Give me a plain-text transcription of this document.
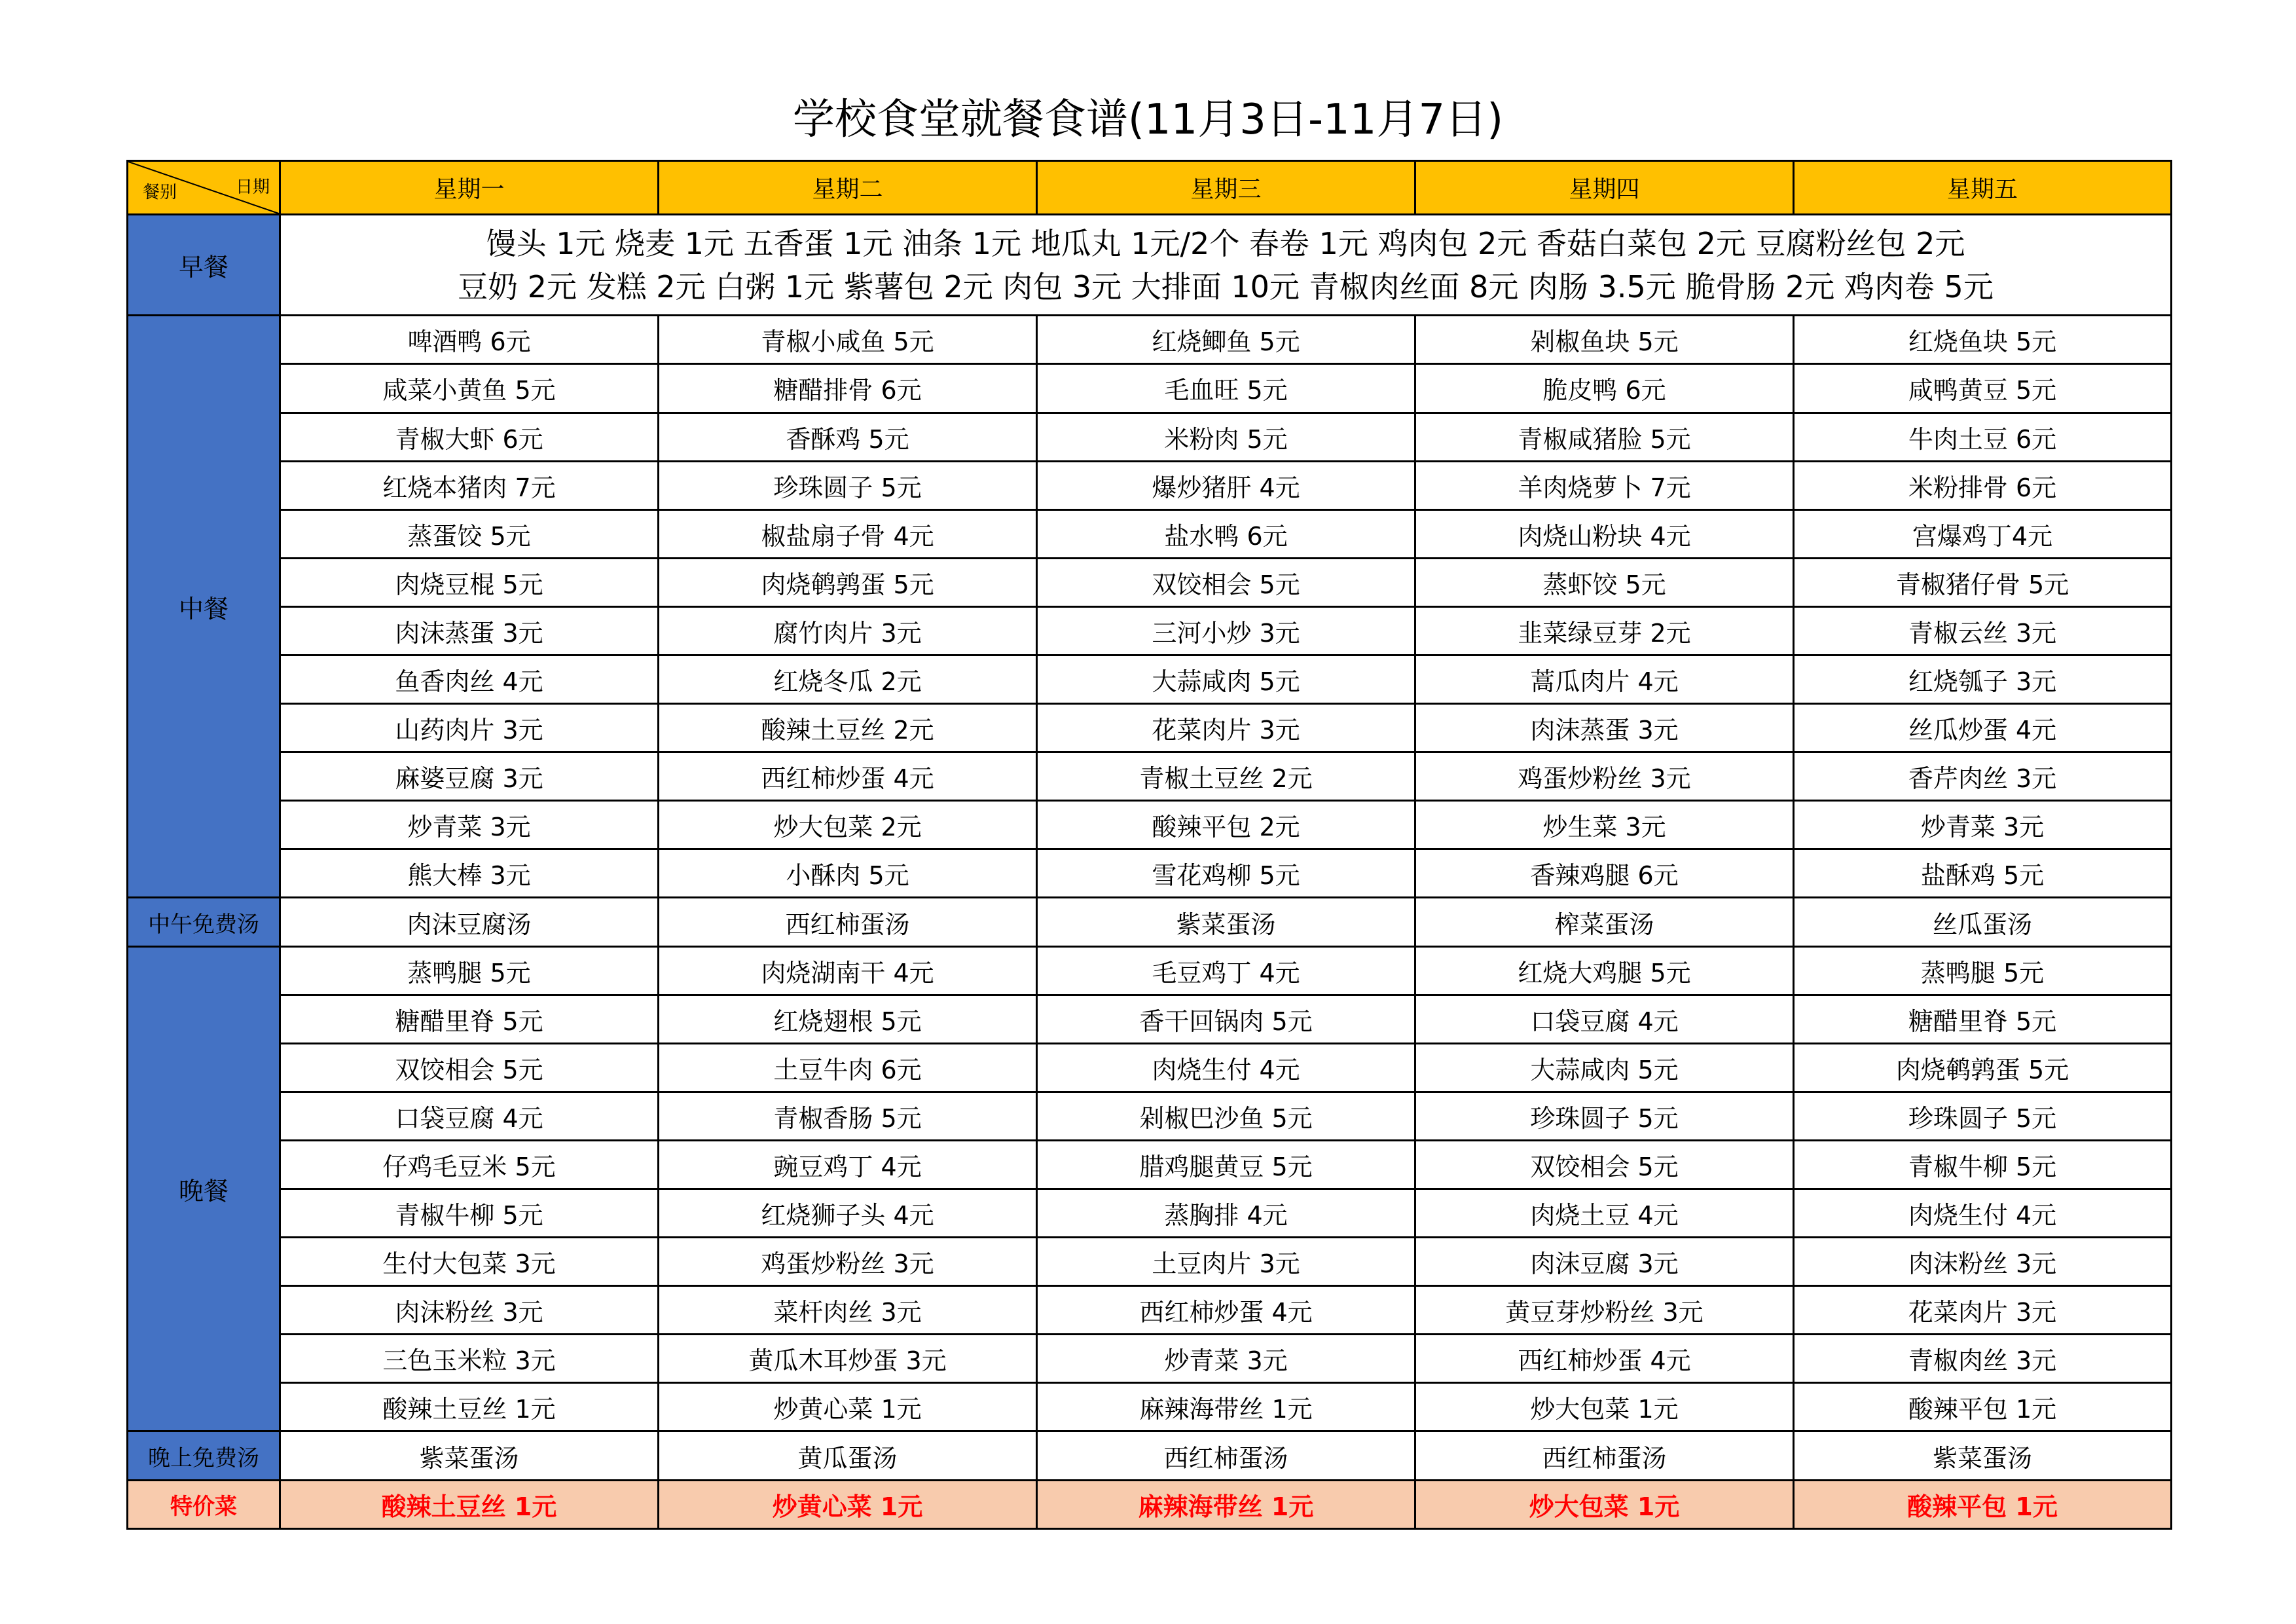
学校食堂就餐食谱(11月3日-11月7日)
日期
餐别	星期一	星期二	星期三	星期四	星期五
早餐	馒头 1元 烧麦 1元 五香蛋 1元 油条 1元 地瓜丸 1元/2个 春卷 1元 鸡肉包 2元 香菇白菜包 2元 豆腐粉丝包 2元
豆奶 2元 发糕 2元 白粥 1元 紫薯包 2元 肉包 3元 大排面 10元 青椒肉丝面 8元 肉肠 3.5元 脆骨肠 2元 鸡肉卷 5元				

中餐	啤酒鸭 6元	青椒小咸鱼 5元	红烧鲫鱼 5元	剁椒鱼块 5元	红烧鱼块 5元
	咸菜小黄鱼 5元	糖醋排骨 6元	毛血旺 5元	脆皮鸭 6元	咸鸭黄豆 5元
	青椒大虾 6元	香酥鸡 5元	米粉肉 5元	青椒咸猪脸 5元	牛肉土豆 6元
	红烧本猪肉 7元	珍珠圆子 5元	爆炒猪肝 4元	羊肉烧萝卜 7元	米粉排骨 6元
	蒸蛋饺 5元	椒盐扇子骨 4元	盐水鸭 6元	肉烧山粉块 4元	宫爆鸡丁4元
	肉烧豆棍 5元	肉烧鹌鹑蛋 5元	双饺相会 5元	蒸虾饺 5元	青椒猪仔骨 5元
	肉沫蒸蛋 3元	腐竹肉片 3元	三河小炒 3元	韭菜绿豆芽 2元	青椒云丝 3元
	鱼香肉丝 4元	红烧冬瓜 2元	大蒜咸肉 5元	蒿瓜肉片 4元	红烧瓠子 3元
	山药肉片 3元	酸辣土豆丝 2元	花菜肉片 3元	肉沫蒸蛋 3元	丝瓜炒蛋 4元
	麻婆豆腐 3元	西红柿炒蛋 4元	青椒土豆丝 2元	鸡蛋炒粉丝 3元	香芹肉丝 3元
	炒青菜 3元	炒大包菜 2元	酸辣平包 2元	炒生菜 3元	炒青菜 3元
	熊大棒 3元	小酥肉 5元	雪花鸡柳 5元	香辣鸡腿 6元	盐酥鸡 5元
中午免费汤	肉沫豆腐汤	西红柿蛋汤	紫菜蛋汤	榨菜蛋汤	丝瓜蛋汤
晚餐	蒸鸭腿 5元	肉烧湖南干 4元	毛豆鸡丁 4元	红烧大鸡腿 5元	蒸鸭腿 5元
	糖醋里脊 5元	红烧翅根 5元	香干回锅肉 5元	口袋豆腐 4元	糖醋里脊 5元
	双饺相会 5元	土豆牛肉 6元	肉烧生付 4元	大蒜咸肉 5元	肉烧鹌鹑蛋 5元
	口袋豆腐 4元	青椒香肠 5元	剁椒巴沙鱼 5元	珍珠圆子 5元	珍珠圆子 5元
	仔鸡毛豆米 5元	豌豆鸡丁 4元	腊鸡腿黄豆 5元	双饺相会 5元	青椒牛柳 5元
	青椒牛柳 5元	红烧狮子头 4元	蒸胸排 4元	肉烧土豆 4元	肉烧生付 4元
	生付大包菜 3元	鸡蛋炒粉丝 3元	土豆肉片 3元	肉沫豆腐 3元	肉沫粉丝 3元
	肉沫粉丝 3元	菜杆肉丝 3元	西红柿炒蛋 4元	黄豆芽炒粉丝 3元	花菜肉片 3元
	三色玉米粒 3元	黄瓜木耳炒蛋 3元	炒青菜 3元	西红柿炒蛋 4元	青椒肉丝 3元
	酸辣土豆丝 1元	炒黄心菜 1元	麻辣海带丝 1元	炒大包菜 1元	酸辣平包 1元
晚上免费汤	紫菜蛋汤	黄瓜蛋汤	西红柿蛋汤	西红柿蛋汤	紫菜蛋汤
特价菜	酸辣土豆丝 1元	炒黄心菜 1元	麻辣海带丝 1元	炒大包菜 1元	酸辣平包 1元
